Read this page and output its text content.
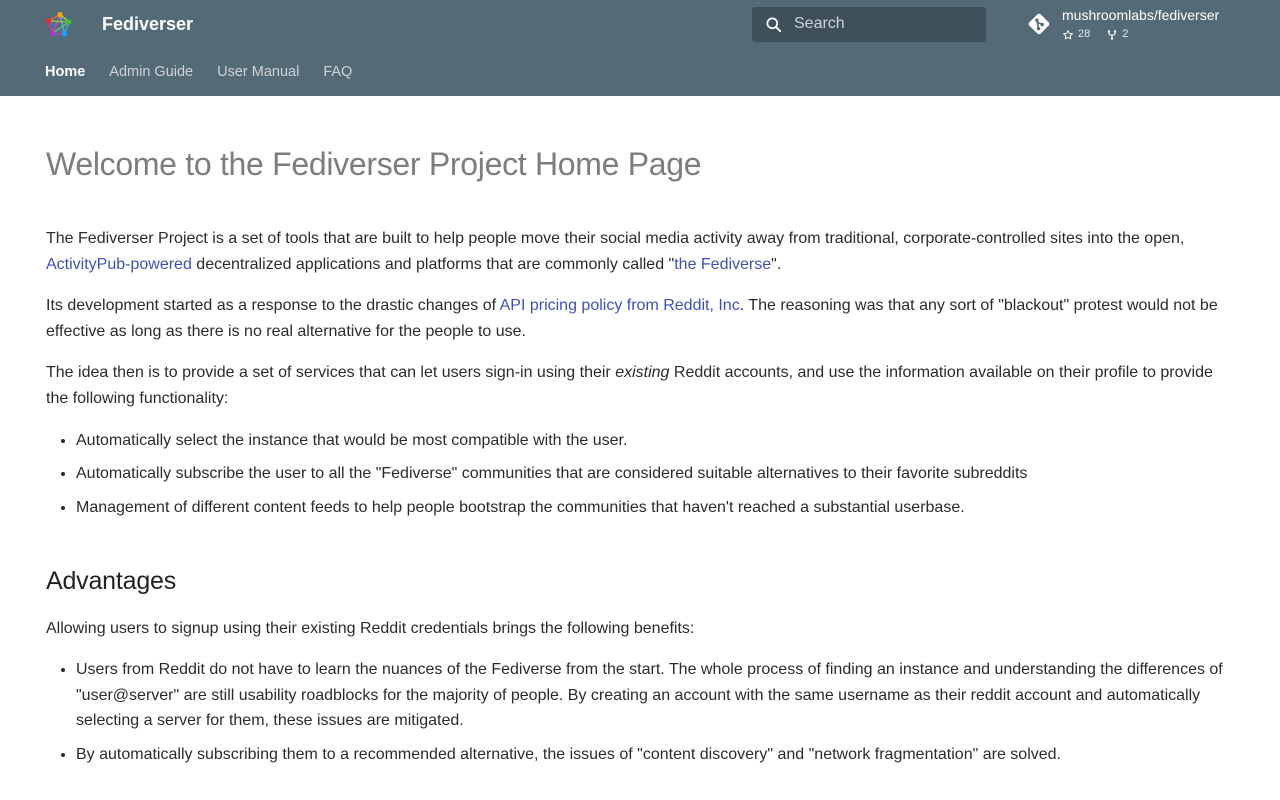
Fediverser
Search	mushroomlabs/fediverser
28	2
Home Admin Guide User Manual FAQ
Welcome to the Fediverser Project Home Page

The Fediverser Project is a set of tools that are built to help people move their social media activity away from traditional, corporate-controlled sites into the open, ActivityPub-powered decentralized applications and platforms that are commonly called "the Fediverse".

Its development started as a response to the drastic changes of API pricing policy from Reddit, Inc. The reasoning was that any sort of "blackout" protest would not be effective as long as there is no real alternative for the people to use.

The idea then is to provide a set of services that can let users sign-in using their existing Reddit accounts, and use the information available on their profile to provide the following functionality:

• Automatically select the instance that would be most compatible with the user.
• Automatically subscribe the user to all the "Fediverse" communities that are considered suitable alternatives to their favorite subreddits
• Management of different content feeds to help people bootstrap the communities that haven't reached a substantial userbase.
Advantages

Allowing users to signup using their existing Reddit credentials brings the following benefits:

• Users from Reddit do not have to learn the nuances of the Fediverse from the start. The whole process of finding an instance and understanding the differences of "user@server" are still usability roadblocks for the majority of people. By creating an account with the same username as their reddit account and automatically selecting a server for them, these issues are mitigated.
• By automatically subscribing them to a recommended alternative, the issues of "content discovery" and "network fragmentation" are solved.
